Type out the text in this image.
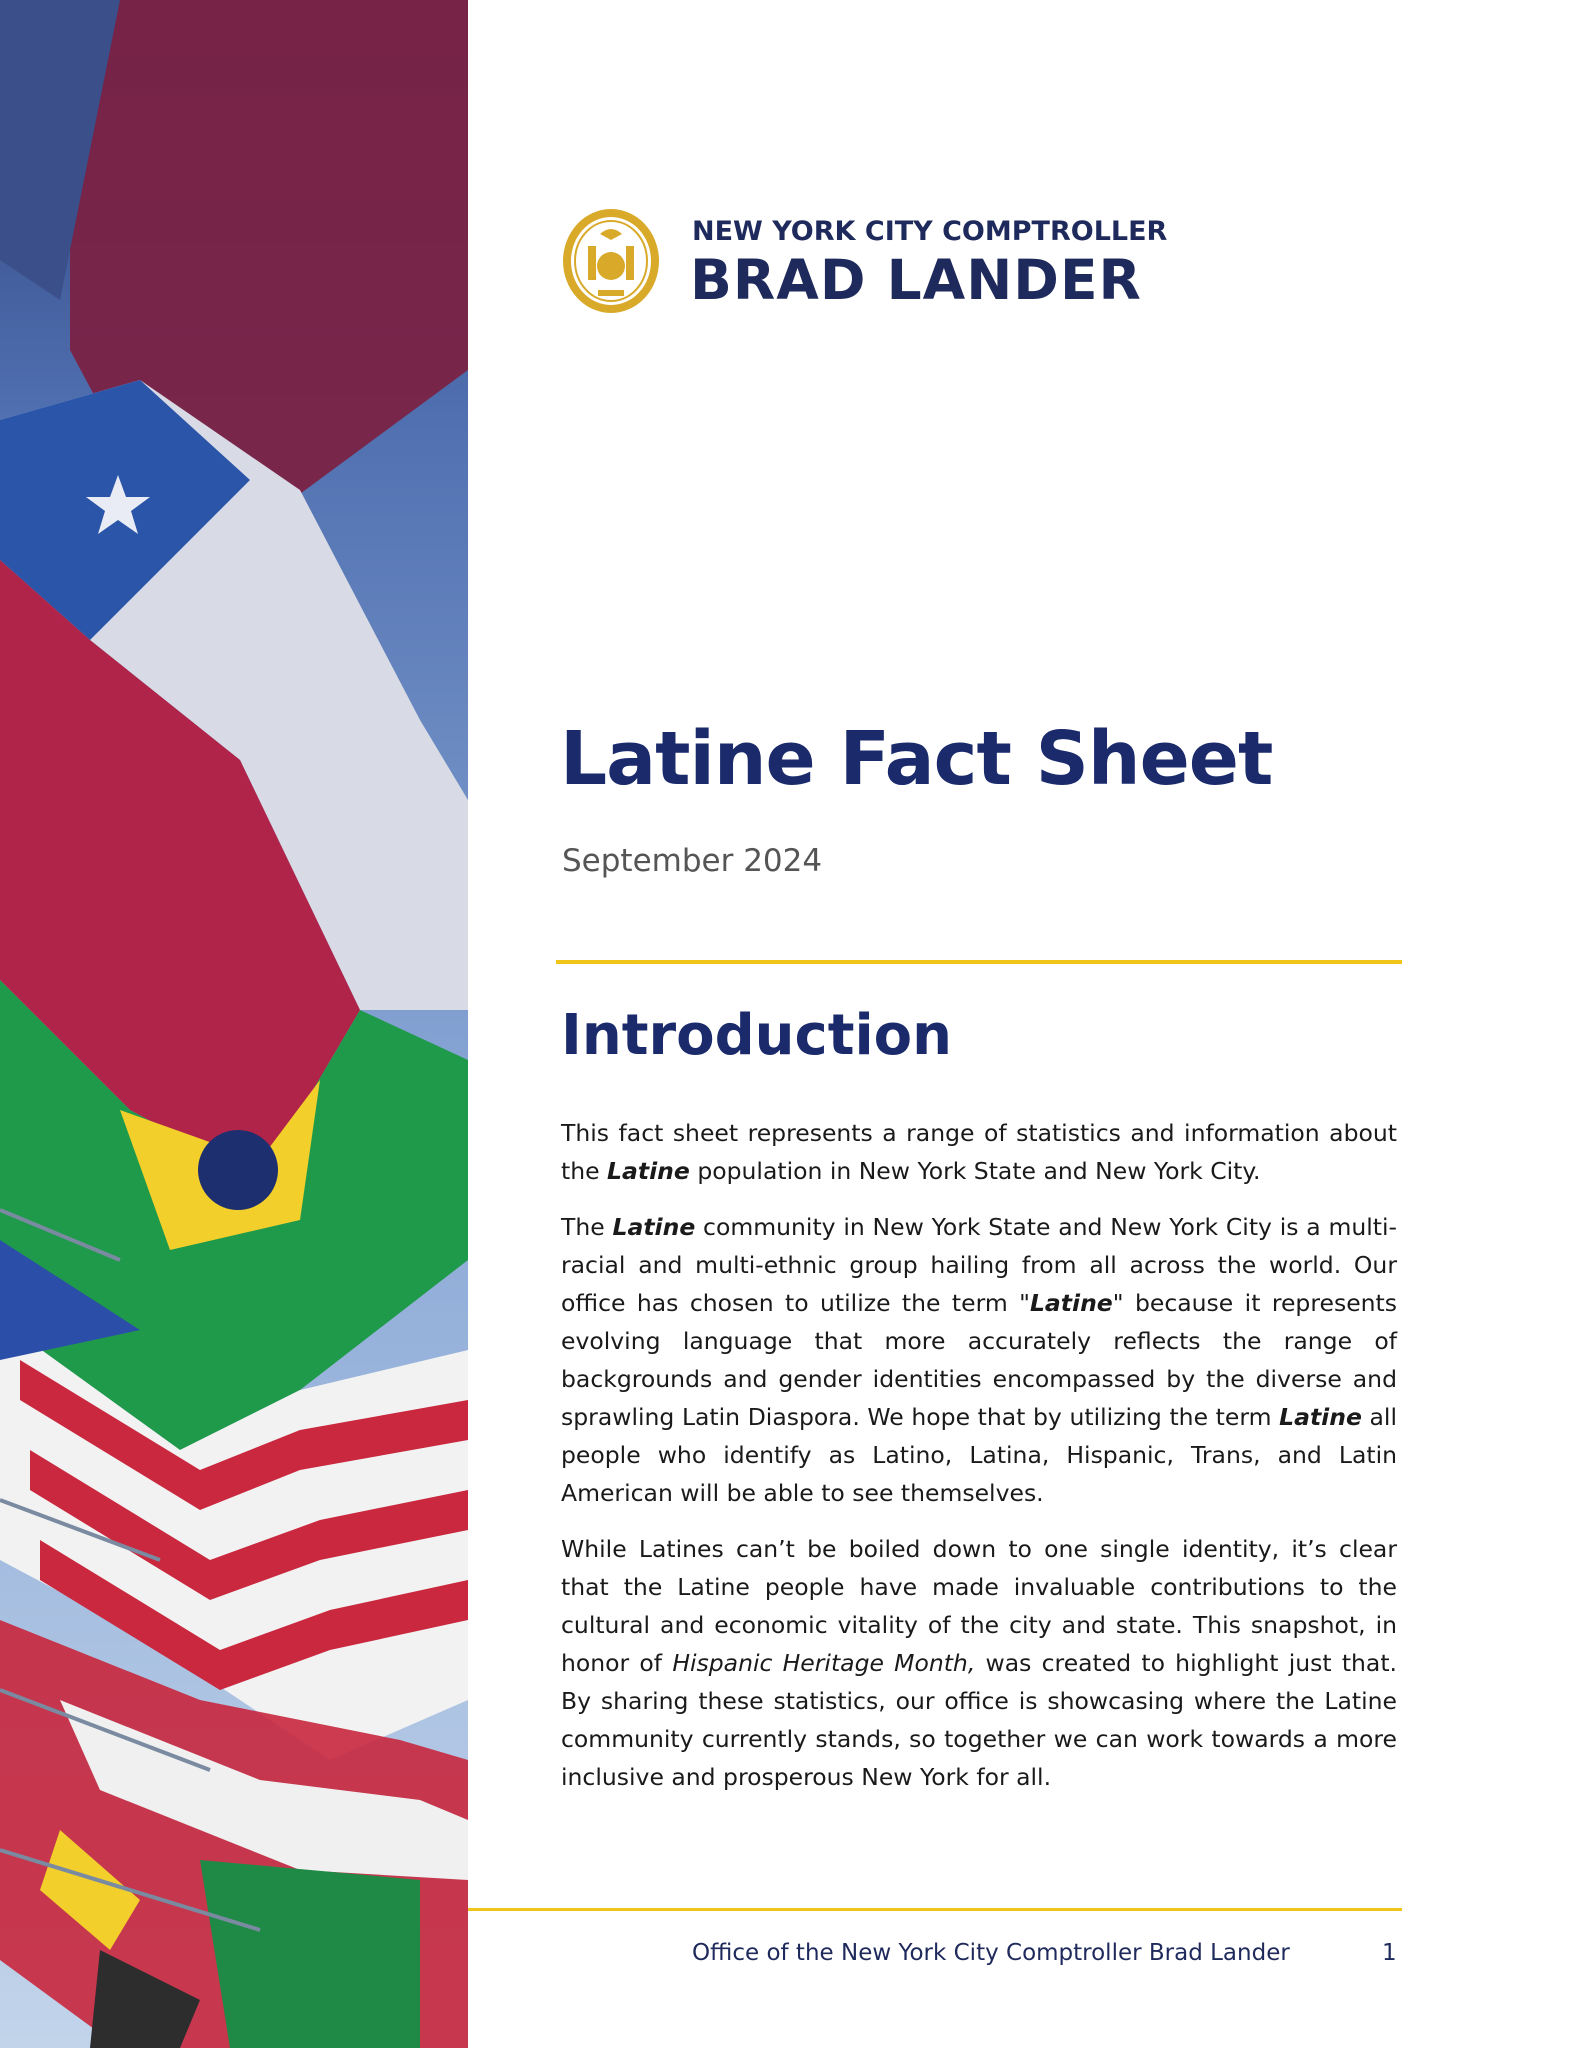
NEW YORK CITY COMPTROLLER
BRAD LANDER
Latine Fact Sheet
September 2024
Introduction

This fact sheet represents a range of statistics and information about the Latine population in New York State and New York City.

The Latine community in New York State and New York City is a multi-racial and multi-ethnic group hailing from all across the world. Our office has chosen to utilize the term "Latine" because it represents evolving language that more accurately reflects the range of backgrounds and gender identities encompassed by the diverse and sprawling Latin Diaspora. We hope that by utilizing the term Latine all people who identify as Latino, Latina, Hispanic, Trans, and Latin American will be able to see themselves.

While Latines can’t be boiled down to one single identity, it’s clear that the Latine people have made invaluable contributions to the cultural and economic vitality of the city and state. This snapshot, in honor of Hispanic Heritage Month, was created to highlight just that. By sharing these statistics, our office is showcasing where the Latine community currently stands, so together we can work towards a more inclusive and prosperous New York for all.

Office of the New York City Comptroller Brad Lander	1
